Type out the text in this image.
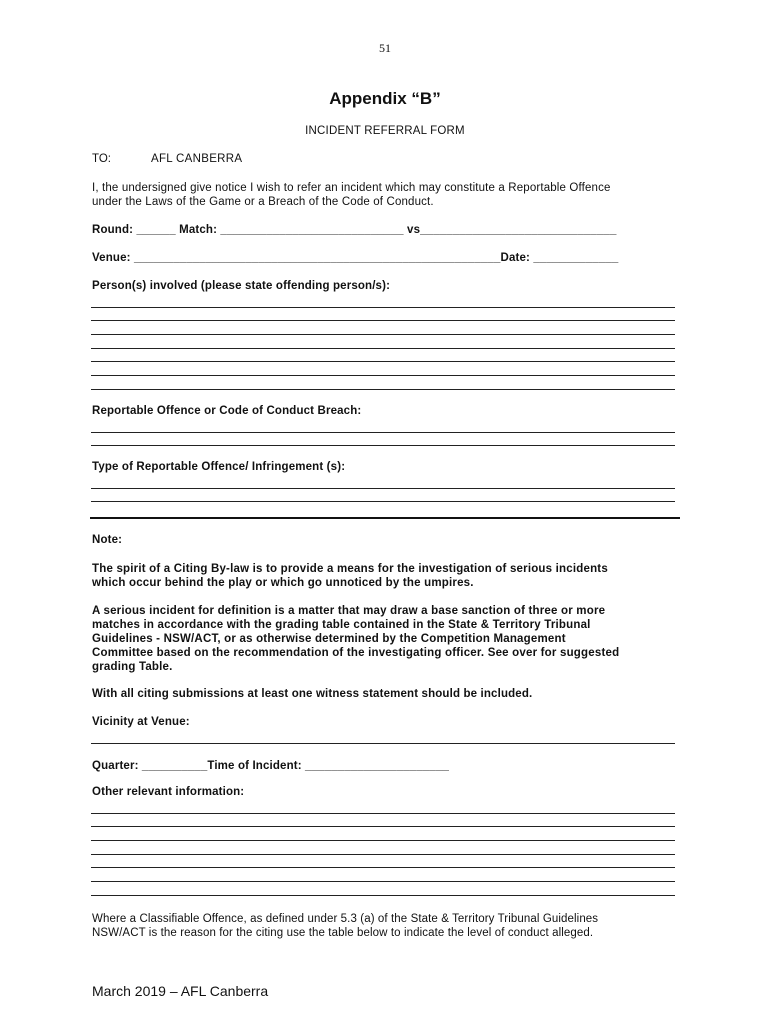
51
Appendix “B”
INCIDENT REFERRAL FORM
TO:	AFL CANBERRA
I, the undersigned give notice I wish to refer an incident which may constitute a Reportable Offence
under the Laws of the Game or a Breach of the Code of Conduct.
Round: ______ Match: ____________________________ vs______________________________
Venue: ________________________________________________________Date: _____________
Person(s) involved (please state offending person/s):
Reportable Offence or Code of Conduct Breach:
Type of Reportable Offence/ Infringement (s):
Note:
The spirit of a Citing By-law is to provide a means for the investigation of serious incidents
which occur behind the play or which go unnoticed by the umpires.
A serious incident for definition is a matter that may draw a base sanction of three or more
matches in accordance with the grading table contained in the State & Territory Tribunal
Guidelines - NSW/ACT, or as otherwise determined by the Competition Management
Committee based on the recommendation of the investigating officer. See over for suggested
grading Table.
With all citing submissions at least one witness statement should be included.
Vicinity at Venue:
Quarter: __________Time of Incident: ______________________
Other relevant information:
Where a Classifiable Offence, as defined under 5.3 (a) of the State & Territory Tribunal Guidelines
NSW/ACT is the reason for the citing use the table below to indicate the level of conduct alleged.
March 2019 – AFL Canberra
